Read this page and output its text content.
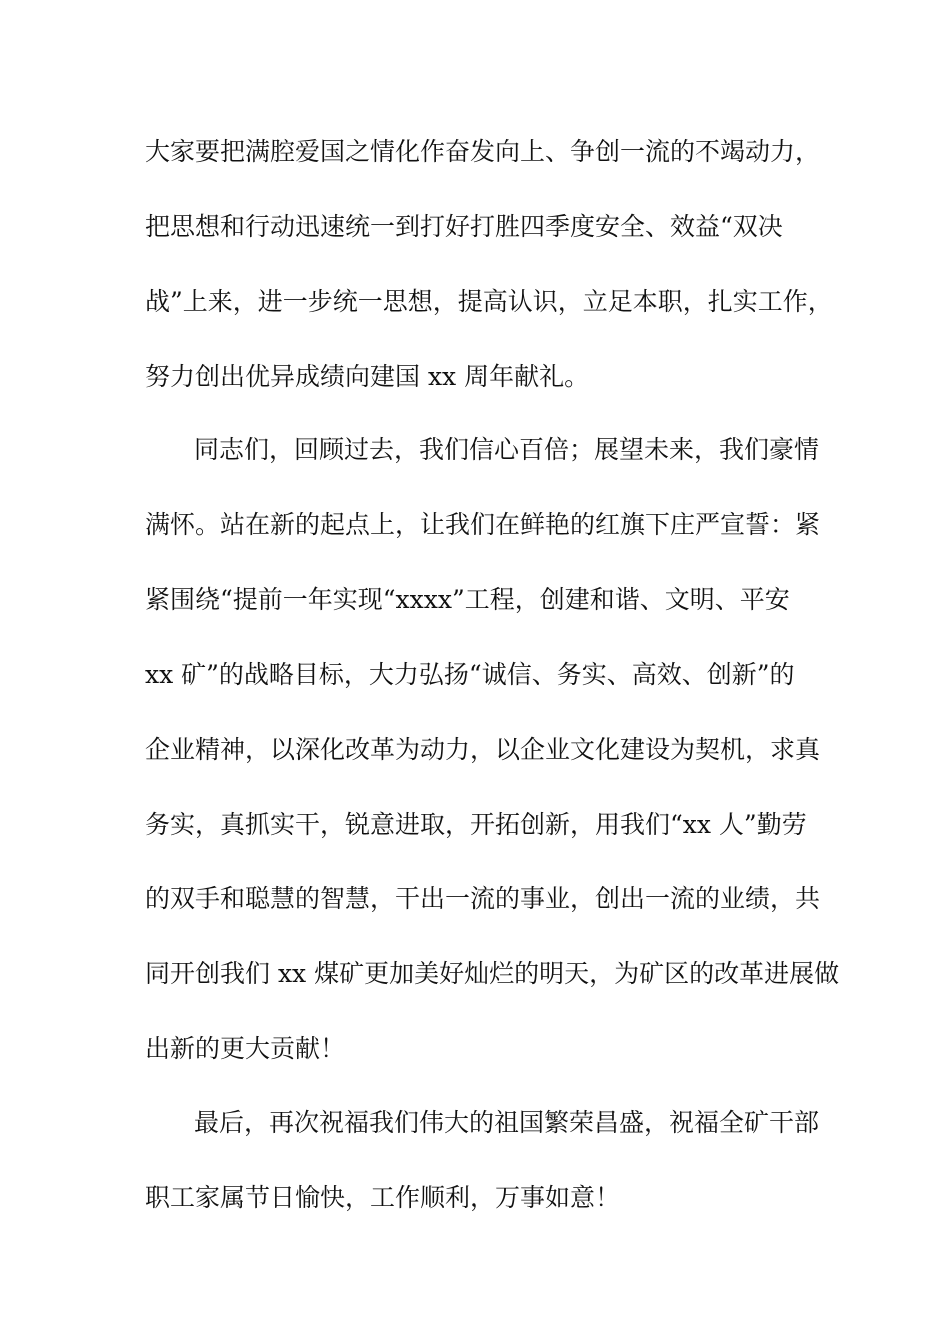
大家要把满腔爱国之情化作奋发向上、争创一流的不竭动力，

把思想和行动迅速统一到打好打胜四季度安全、效益“双决

战”上来，进一步统一思想，提高认识，立足本职，扎实工作，

努力创出优异成绩向建国 xx 周年献礼。

同志们，回顾过去，我们信心百倍；展望未来，我们豪情

满怀。站在新的起点上，让我们在鲜艳的红旗下庄严宣誓：紧

紧围绕“提前一年实现“xxxx”工程，创建和谐、文明、平安

xx 矿”的战略目标，大力弘扬“诚信、务实、高效、创新”的

企业精神，以深化改革为动力，以企业文化建设为契机，求真

务实，真抓实干，锐意进取，开拓创新，用我们“xx 人”勤劳

的双手和聪慧的智慧，干出一流的事业，创出一流的业绩，共

同开创我们 xx 煤矿更加美好灿烂的明天，为矿区的改革进展做

出新的更大贡献！

最后，再次祝福我们伟大的祖国繁荣昌盛，祝福全矿干部

职工家属节日愉快，工作顺利，万事如意！
